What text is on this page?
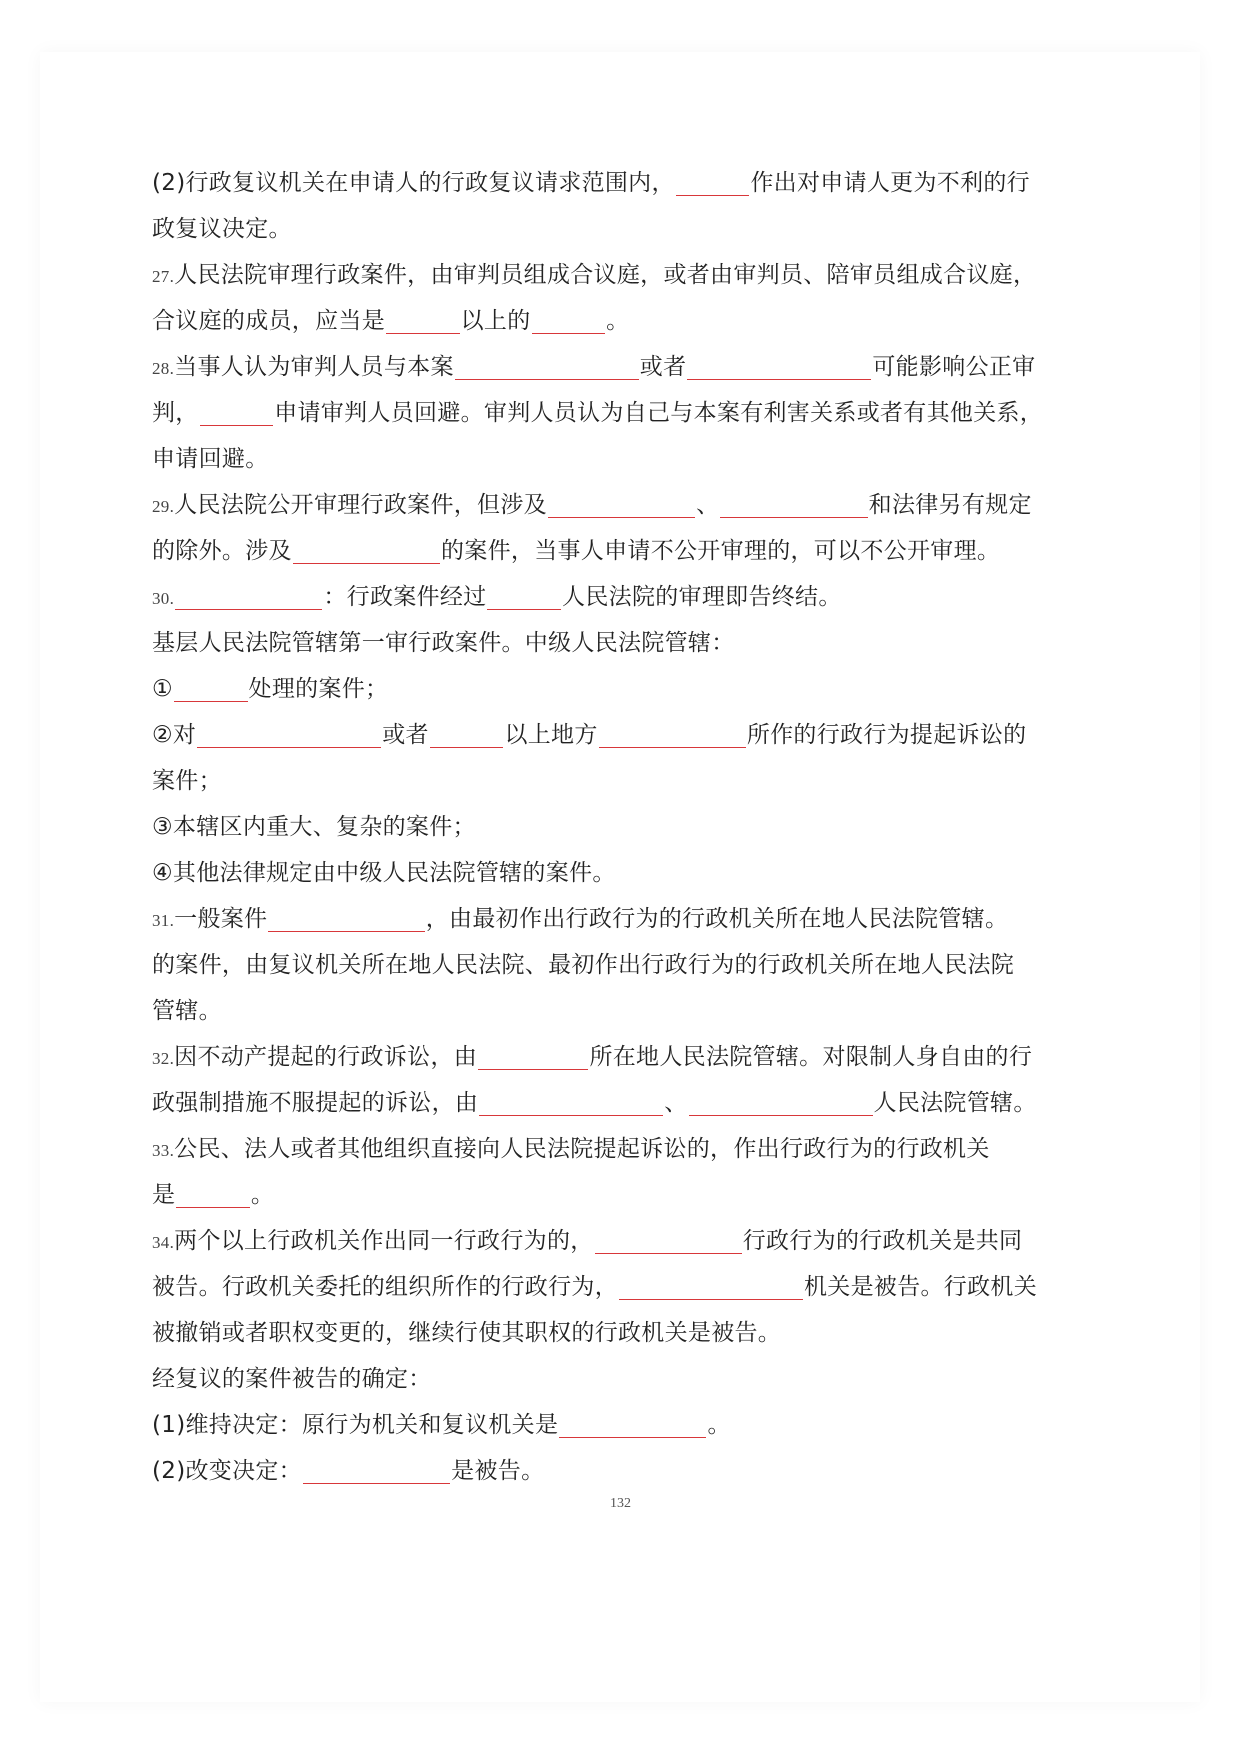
(2)行政复议机关在申请人的行政复议请求范围内，	作出对申请人更为不利的行
政复议决定。
27.人民法院审理行政案件，由审判员组成合议庭，或者由审判员、陪审员组成合议庭，
合议庭的成员，应当是	以上的	。
28.当事人认为审判人员与本案	或者	可能影响公正审
判，	申请审判人员回避。审判人员认为自己与本案有利害关系或者有其他关系，
申请回避。
29.人民法院公开审理行政案件，但涉及	、	和法律另有规定
的除外。涉及	的案件，当事人申请不公开审理的，可以不公开审理。
30.	：行政案件经过	人民法院的审理即告终结。
基层人民法院管辖第一审行政案件。中级人民法院管辖：
①	处理的案件；
②对	或者	以上地方	所作的行政行为提起诉讼的
案件；
③本辖区内重大、复杂的案件；
④其他法律规定由中级人民法院管辖的案件。
31.一般案件	，由最初作出行政行为的行政机关所在地人民法院管辖。
的案件，由复议机关所在地人民法院、最初作出行政行为的行政机关所在地人民法院
管辖。
32.因不动产提起的行政诉讼，由	所在地人民法院管辖。对限制人身自由的行
政强制措施不服提起的诉讼，由	、	人民法院管辖。
33.公民、法人或者其他组织直接向人民法院提起诉讼的，作出行政行为的行政机关
是	。
34.两个以上行政机关作出同一行政行为的，	行政行为的行政机关是共同
被告。行政机关委托的组织所作的行政行为，	机关是被告。行政机关
被撤销或者职权变更的，继续行使其职权的行政机关是被告。
经复议的案件被告的确定：
(1)维持决定：原行为机关和复议机关是	。
(2)改变决定：	是被告。
132
